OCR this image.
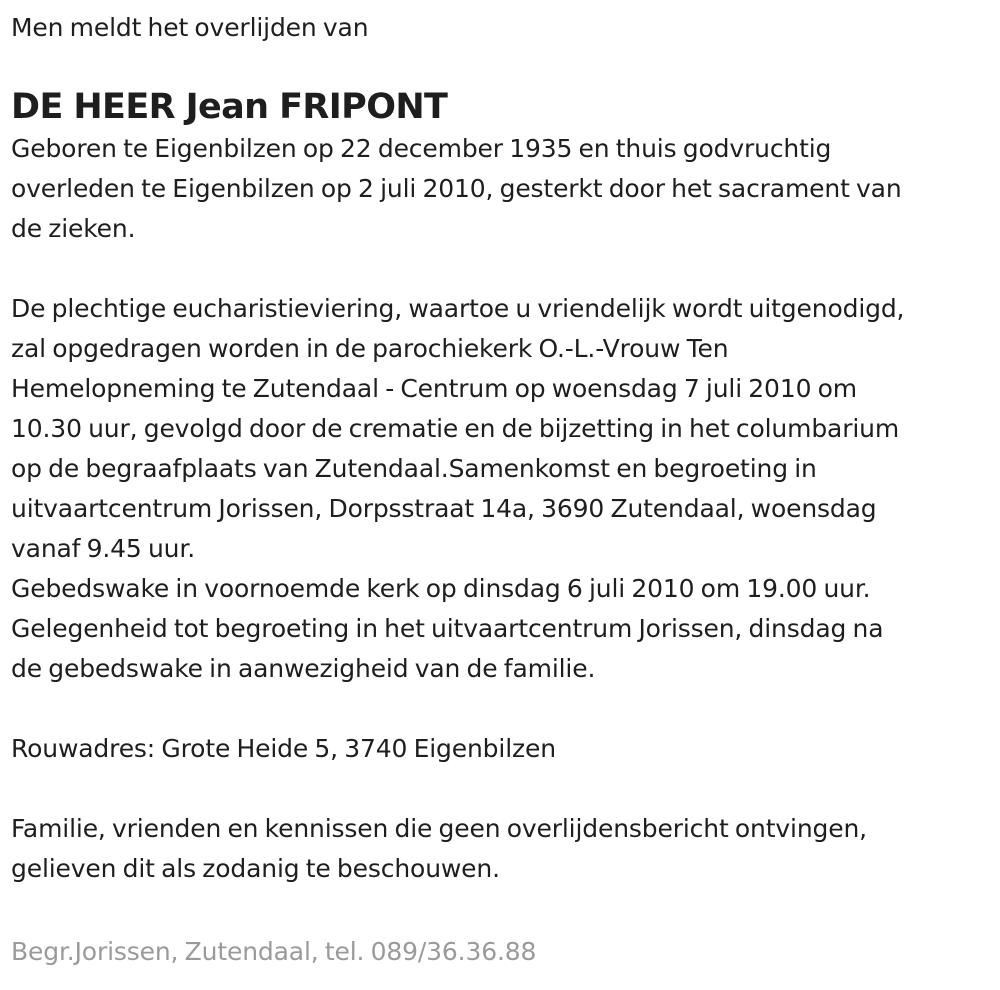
Men meldt het overlijden van

DE HEER Jean FRIPONT
Geboren te Eigenbilzen op 22 december 1935 en thuis godvruchtig
overleden te Eigenbilzen op 2 juli 2010, gesterkt door het sacrament van
de zieken.
De plechtige eucharistieviering, waartoe u vriendelijk wordt uitgenodigd,
zal opgedragen worden in de parochiekerk O.-L.-Vrouw Ten
Hemelopneming te Zutendaal - Centrum op woensdag 7 juli 2010 om
10.30 uur, gevolgd door de crematie en de bijzetting in het columbarium
op de begraafplaats van Zutendaal.Samenkomst en begroeting in
uitvaartcentrum Jorissen, Dorpsstraat 14a, 3690 Zutendaal, woensdag
vanaf 9.45 uur.
Gebedswake in voornoemde kerk op dinsdag 6 juli 2010 om 19.00 uur.
Gelegenheid tot begroeting in het uitvaartcentrum Jorissen, dinsdag na
de gebedswake in aanwezigheid van de familie.
Rouwadres: Grote Heide 5, 3740 Eigenbilzen
Familie, vrienden en kennissen die geen overlijdensbericht ontvingen,
gelieven dit als zodanig te beschouwen.
Begr.Jorissen, Zutendaal, tel. 089/36.36.88
